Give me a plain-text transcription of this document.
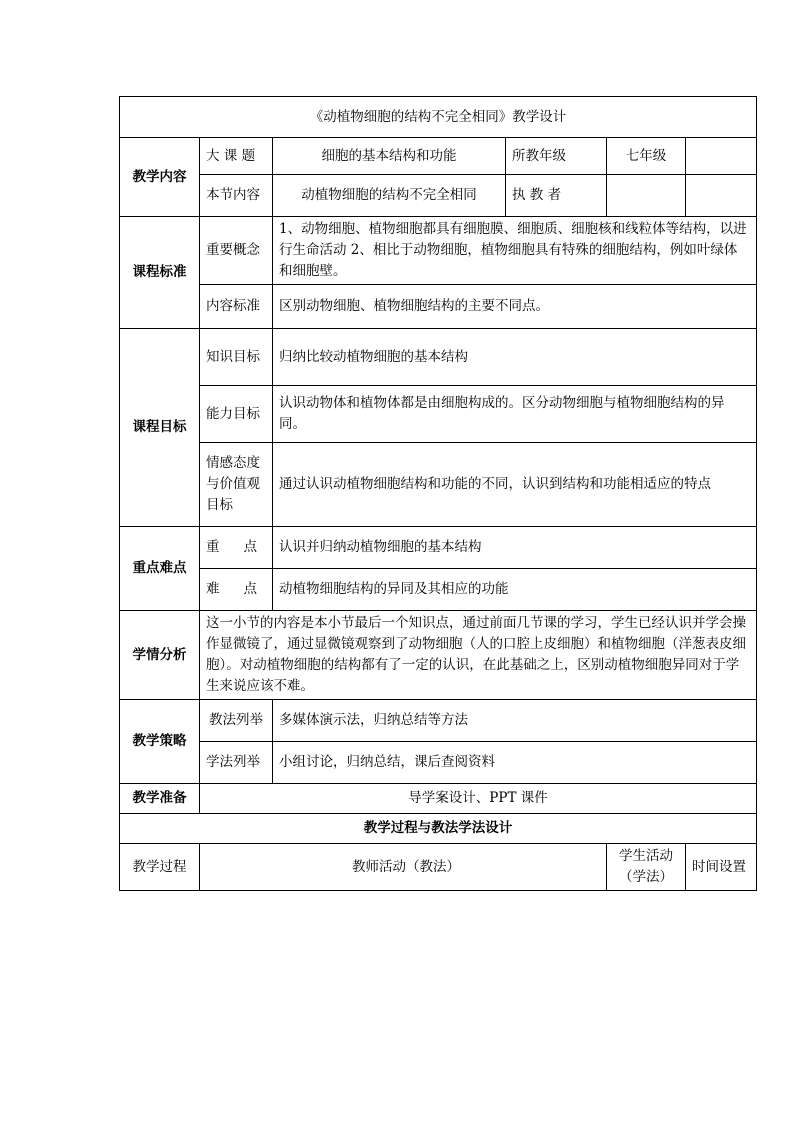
《动植物细胞的结构不完全相同》教学设计					
教学内容	大 课 题	细胞的基本结构和功能	所教年级	七年级	
	本节内容	动植物细胞的结构不完全相同	执 教 者		
课程标准	重要概念	1、动物细胞、植物细胞都具有细胞膜、细胞质、细胞核和线粒体等结构，以进行生命活动 2、相比于动物细胞，植物细胞具有特殊的细胞结构，例如叶绿体和细胞壁。			
	内容标准	区别动物细胞、植物细胞结构的主要不同点。			
课程目标	知识目标	归纳比较动植物细胞的基本结构			
	能力目标	认识动物体和植物体都是由细胞构成的。区分动物细胞与植物细胞结构的异同。			
	情感态度与价值观目标	通过认识动植物细胞结构和功能的不同，认识到结构和功能相适应的特点			
重点难点	重 点	认识并归纳动植物细胞的基本结构			
	难 点	动植物细胞结构的异同及其相应的功能			
学情分析	这一小节的内容是本小节最后一个知识点，通过前面几节课的学习，学生已经认识并学会操作显微镜了，通过显微镜观察到了动物细胞（人的口腔上皮细胞）和植物细胞（洋葱表皮细胞）。对动植物细胞的结构都有了一定的认识，在此基础之上，区别动植物细胞异同对于学生来说应该不难。				
教学策略	教法列举	多媒体演示法，归纳总结等方法			
	学法列举	小组讨论，归纳总结，课后查阅资料			
教学准备	导学案设计、PPT 课件				
教学过程与教法学法设计					
教学过程	教师活动（教法）			学生活动（学法）	时间设置
